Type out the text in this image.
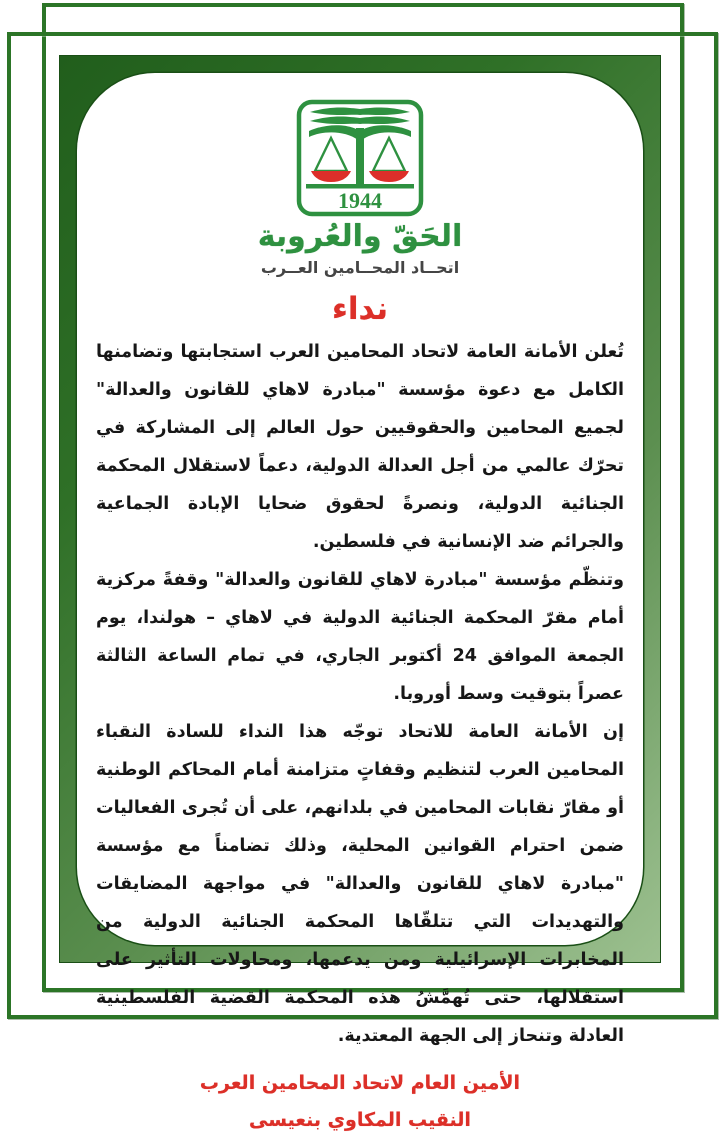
1944
الحَقّ والعُروبة
اتحــاد المحــامين العــرب
نداء

تُعلن الأمانة العامة لاتحاد المحامين العرب استجابتها وتضامنها الكامل مع دعوة مؤسسة "مبادرة لاهاي للقانون والعدالة" لجميع المحامين والحقوقيين حول العالم إلى المشاركة في تحرّك عالمي من أجل العدالة الدولية، دعماً لاستقلال المحكمة الجنائية الدولية، ونصرةً لحقوق ضحايا الإبادة الجماعية والجرائم ضد الإنسانية في فلسطين.

وتنظّم مؤسسة "مبادرة لاهاي للقانون والعدالة" وقفةً مركزية أمام مقرّ المحكمة الجنائية الدولية في لاهاي – هولندا، يوم الجمعة الموافق 24 أكتوبر الجاري، في تمام الساعة الثالثة عصراً بتوقيت وسط أوروبا.

إن الأمانة العامة للاتحاد توجّه هذا النداء للسادة النقباء المحامين العرب لتنظيم وقفاتٍ متزامنة أمام المحاكم الوطنية أو مقارّ نقابات المحامين في بلدانهم، على أن تُجرى الفعاليات ضمن احترام القوانين المحلية، وذلك تضامناً مع مؤسسة "مبادرة لاهاي للقانون والعدالة" في مواجهة المضايقات والتهديدات التي تتلقّاها المحكمة الجنائية الدولية من المخابرات الإسرائيلية ومن يدعمها، ومحاولات التأثير على استقلالها، حتى تُهمَّشُ هذه المحكمة القضية الفلسطينية العادلة وتنحاز إلى الجهة المعتدية.

الأمين العام لاتحاد المحامين العرب
النقيب المكاوي بنعيسى
